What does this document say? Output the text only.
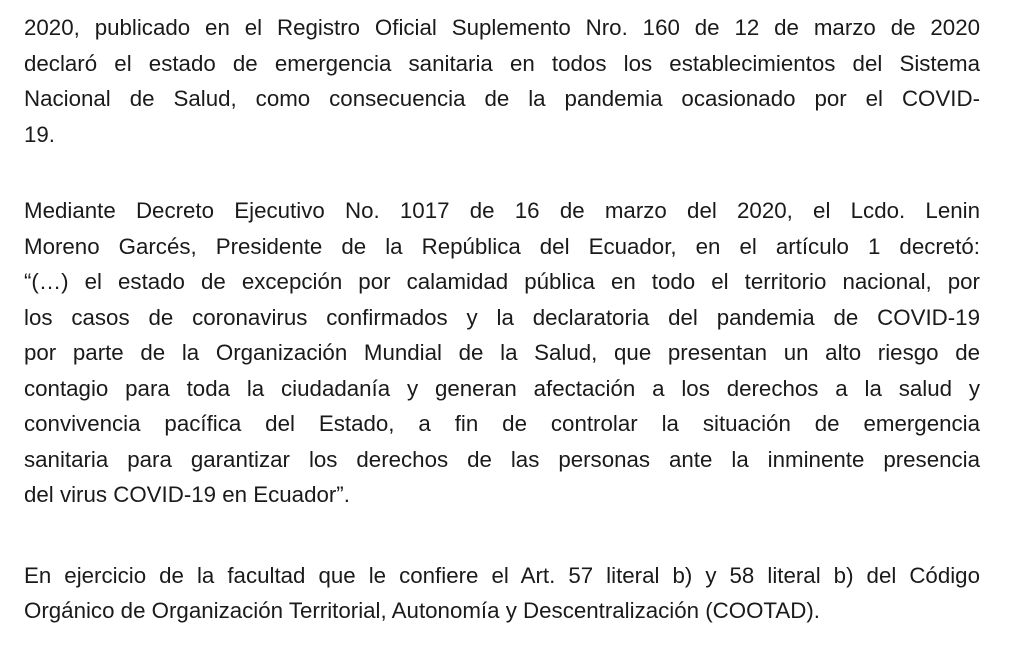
2020, publicado en el Registro Oficial Suplemento Nro. 160 de 12 de marzo de 2020
declaró el estado de emergencia sanitaria en todos los establecimientos del Sistema
Nacional de Salud, como consecuencia de la pandemia ocasionado por el COVID-
19.
Mediante Decreto Ejecutivo No. 1017 de 16 de marzo del 2020, el Lcdo. Lenin
Moreno Garcés, Presidente de la República del Ecuador, en el artículo 1 decretó:
“(…) el estado de excepción por calamidad pública en todo el territorio nacional, por
los casos de coronavirus confirmados y la declaratoria del pandemia de COVID-19
por parte de la Organización Mundial de la Salud, que presentan un alto riesgo de
contagio para toda la ciudadanía y generan afectación a los derechos a la salud y
convivencia pacífica del Estado, a fin de controlar la situación de emergencia
sanitaria para garantizar los derechos de las personas ante la inminente presencia
del virus COVID-19 en Ecuador”.
En ejercicio de la facultad que le confiere el Art. 57 literal b) y 58 literal b) del Código
Orgánico de Organización Territorial, Autonomía y Descentralización (COOTAD).
